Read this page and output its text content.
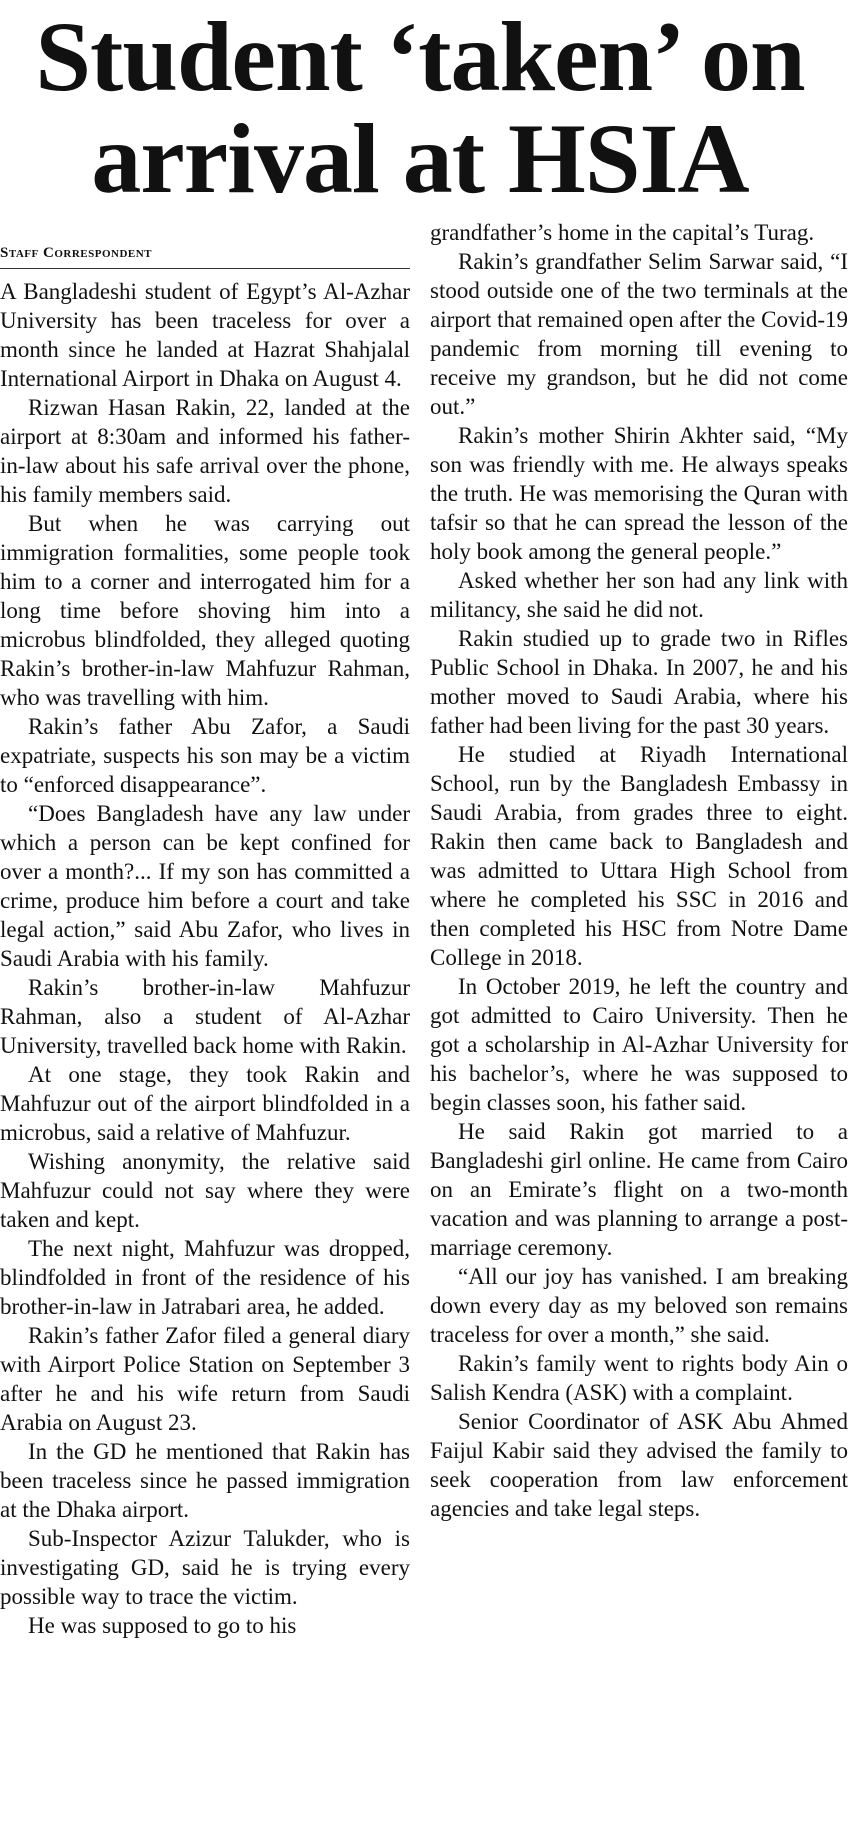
Student ‘taken’ on arrival at HSIA
Staff Correspondent

A Bangladeshi student of Egypt’s Al-Azhar University has been traceless for over a month since he landed at Hazrat Shahjalal International Airport in Dhaka on August 4.

Rizwan Hasan Rakin, 22, landed at the airport at 8:30am and informed his father-in-law about his safe arrival over the phone, his family members said.

But when he was carrying out immigration formalities, some people took him to a corner and interrogated him for a long time before shoving him into a microbus blindfolded, they alleged quoting Rakin’s brother-in-law Mahfuzur Rahman, who was travelling with him.

Rakin’s father Abu Zafor, a Saudi expatriate, suspects his son may be a victim to “enforced disappearance”.

“Does Bangladesh have any law under which a person can be kept confined for over a month?... If my son has committed a crime, produce him before a court and take legal action,” said Abu Zafor, who lives in Saudi Arabia with his family.

Rakin’s brother-in-law Mahfuzur Rahman, also a student of Al-Azhar University, travelled back home with Rakin.

At one stage, they took Rakin and Mahfuzur out of the airport blindfolded in a microbus, said a relative of Mahfuzur.

Wishing anonymity, the relative said Mahfuzur could not say where they were taken and kept.

The next night, Mahfuzur was dropped, blindfolded in front of the residence of his brother-in-law in Jatrabari area, he added.

Rakin’s father Zafor filed a general diary with Airport Police Station on September 3 after he and his wife return from Saudi Arabia on August 23.

In the GD he mentioned that Rakin has been traceless since he passed immigration at the Dhaka airport.

Sub-Inspector Azizur Talukder, who is investigating GD, said he is trying every possible way to trace the victim.

He was supposed to go to his

grandfather’s home in the capital’s Turag.

Rakin’s grandfather Selim Sarwar said, “I stood outside one of the two terminals at the airport that remained open after the Covid-19 pandemic from morning till evening to receive my grandson, but he did not come out.”

Rakin’s mother Shirin Akhter said, “My son was friendly with me. He always speaks the truth. He was memorising the Quran with tafsir so that he can spread the lesson of the holy book among the general people.”

Asked whether her son had any link with militancy, she said he did not.

Rakin studied up to grade two in Rifles Public School in Dhaka. In 2007, he and his mother moved to Saudi Arabia, where his father had been living for the past 30 years.

He studied at Riyadh International School, run by the Bangladesh Embassy in Saudi Arabia, from grades three to eight. Rakin then came back to Bangladesh and was admitted to Uttara High School from where he completed his SSC in 2016 and then completed his HSC from Notre Dame College in 2018.

In October 2019, he left the country and got admitted to Cairo University. Then he got a scholarship in Al-Azhar University for his bachelor’s, where he was supposed to begin classes soon, his father said.

He said Rakin got married to a Bangladeshi girl online. He came from Cairo on an Emirate’s flight on a two-month vacation and was planning to arrange a post-marriage ceremony.

“All our joy has vanished. I am breaking down every day as my beloved son remains traceless for over a month,” she said.

Rakin’s family went to rights body Ain o Salish Kendra (ASK) with a complaint.

Senior Coordinator of ASK Abu Ahmed Faijul Kabir said they advised the family to seek cooperation from law enforcement agencies and take legal steps.
